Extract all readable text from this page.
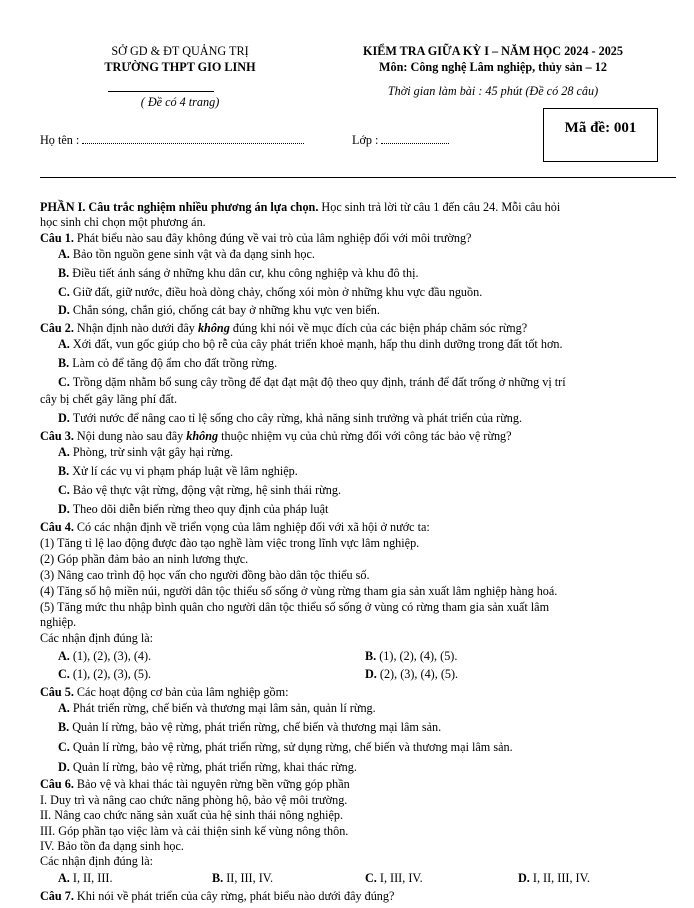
SỞ GD & ĐT QUẢNG TRỊ
TRƯỜNG THPT GIO LINH
( Đề có 4 trang)
KIỂM TRA GIỮA KỲ I – NĂM HỌC 2024 - 2025
Môn: Công nghệ Lâm nghiệp, thủy sản – 12
Thời gian làm bài : 45 phút (Đề có 28 câu)
Họ tên :	Lớp :
Mã đề: 001
PHẦN I. Câu trắc nghiệm nhiều phương án lựa chọn. Học sinh trả lời từ câu 1 đến câu 24. Mỗi câu hỏi
học sinh chỉ chọn một phương án.
Câu 1. Phát biểu nào sau đây không đúng về vai trò của lâm nghiệp đối với môi trường?
A. Bảo tồn nguồn gene sinh vật và đa dạng sinh học.
B. Điều tiết ánh sáng ở những khu dân cư, khu công nghiệp và khu đô thị.
C. Giữ đất, giữ nước, điều hoà dòng chảy, chống xói mòn ở những khu vực đầu nguồn.
D. Chắn sóng, chắn gió, chống cát bay ở những khu vực ven biển.
Câu 2. Nhận định nào dưới đây không đúng khi nói về mục đích của các biện pháp chăm sóc rừng?
A. Xới đất, vun gốc giúp cho bộ rễ của cây phát triển khoẻ mạnh, hấp thu dinh dưỡng trong đất tốt hơn.
B. Làm cỏ để tăng độ ẩm cho đất trồng rừng.
C. Trồng dặm nhằm bổ sung cây trồng để đạt đạt mật độ theo quy định, tránh để đất trống ở những vị trí
cây bị chết gây lãng phí đất.
D. Tưới nước để nâng cao tỉ lệ sống cho cây rừng, khả năng sinh trưởng và phát triển của rừng.
Câu 3. Nội dung nào sau đây không thuộc nhiệm vụ của chủ rừng đối với công tác bảo vệ rừng?
A. Phòng, trừ sinh vật gây hại rừng.
B. Xử lí các vụ vi phạm pháp luật về lâm nghiệp.
C. Bảo vệ thực vật rừng, động vật rừng, hệ sinh thái rừng.
D. Theo dõi diễn biến rừng theo quy định của pháp luật
Câu 4. Có các nhận định về triển vọng của lâm nghiệp đối với xã hội ở nước ta:
(1) Tăng tỉ lệ lao động được đào tạo nghề làm việc trong lĩnh vực lâm nghiệp.
(2) Góp phần đảm bảo an ninh lương thực.
(3) Nâng cao trình độ học vấn cho người đồng bào dân tộc thiểu số.
(4) Tăng số hộ miền núi, người dân tộc thiểu số sống ở vùng rừng tham gia sản xuất lâm nghiệp hàng hoá.
(5) Tăng mức thu nhập bình quân cho người dân tộc thiểu số sống ở vùng có rừng tham gia sản xuất lâm
nghiệp.
Các nhận định đúng là:
A. (1), (2), (3), (4).	B. (1), (2), (4), (5).
C. (1), (2), (3), (5).	D. (2), (3), (4), (5).
Câu 5. Các hoạt động cơ bản của lâm nghiệp gồm:
A. Phát triển rừng, chế biến và thương mại lâm sản, quản lí rừng.
B. Quản lí rừng, bảo vệ rừng, phát triển rừng, chế biến và thương mại lâm sản.
C. Quản lí rừng, bảo vệ rừng, phát triển rừng, sử dụng rừng, chế biến và thương mại lâm sản.
D. Quản lí rừng, bảo vệ rừng, phát triển rừng, khai thác rừng.
Câu 6. Bảo vệ và khai thác tài nguyên rừng bền vững góp phần
I. Duy trì và nâng cao chức năng phòng hộ, bảo vệ môi trường.
II. Nâng cao chức năng sản xuất của hệ sinh thái nông nghiệp.
III. Góp phần tạo việc làm và cải thiện sinh kế vùng nông thôn.
IV. Bảo tồn đa dạng sinh học.
Các nhận định đúng là:
A. I, II, III.	B. II, III, IV.	C. I, III, IV.	D. I, II, III, IV.
Câu 7. Khi nói về phát triển của cây rừng, phát biểu nào dưới đây đúng?
